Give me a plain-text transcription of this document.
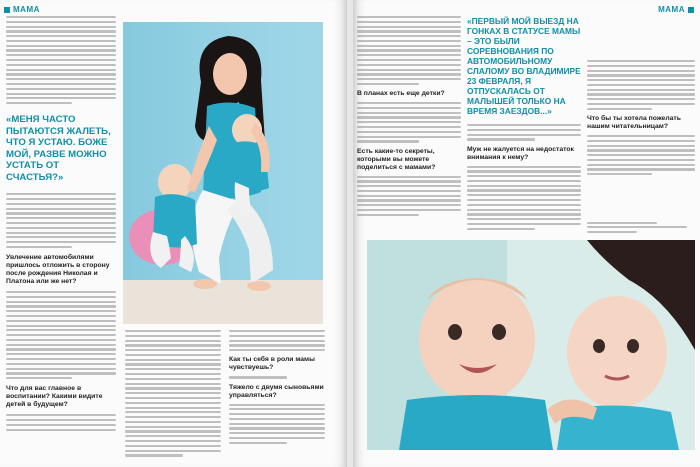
МАМА

«МЕНЯ ЧАСТО ПЫТАЮТСЯ ЖАЛЕТЬ, ЧТО Я УСТАЮ. БОЖЕ МОЙ, РАЗВЕ МОЖНО УСТАТЬ ОТ СЧАСТЬЯ?»

Увлечение автомобилями пришлось отложить в сторону после рождения Николая и Платона или же нет?

Что для вас главное в воспитании? Какими видите детей в будущем?

Как ты себя в роли мамы чувствуешь?

Тяжело с двумя сыновьями управляться?

МАМА

В планах есть еще детки?

Есть какие-то секреты, которыми вы можете поделиться с мамами?

«ПЕРВЫЙ МОЙ ВЫЕЗД НА ГОНКАХ В СТАТУСЕ МАМЫ – ЭТО БЫЛИ СОРЕВНОВАНИЯ ПО АВТОМОБИЛЬНОМУ СЛАЛОМУ ВО ВЛАДИМИРЕ 23 ФЕВРАЛЯ, Я ОТПУСКАЛАСЬ ОТ МАЛЫШЕЙ ТОЛЬКО НА ВРЕМЯ ЗАЕЗДОВ...»

Муж не жалуется на недостаток внимания к нему?

Что бы ты хотела пожелать нашим читательницам?
